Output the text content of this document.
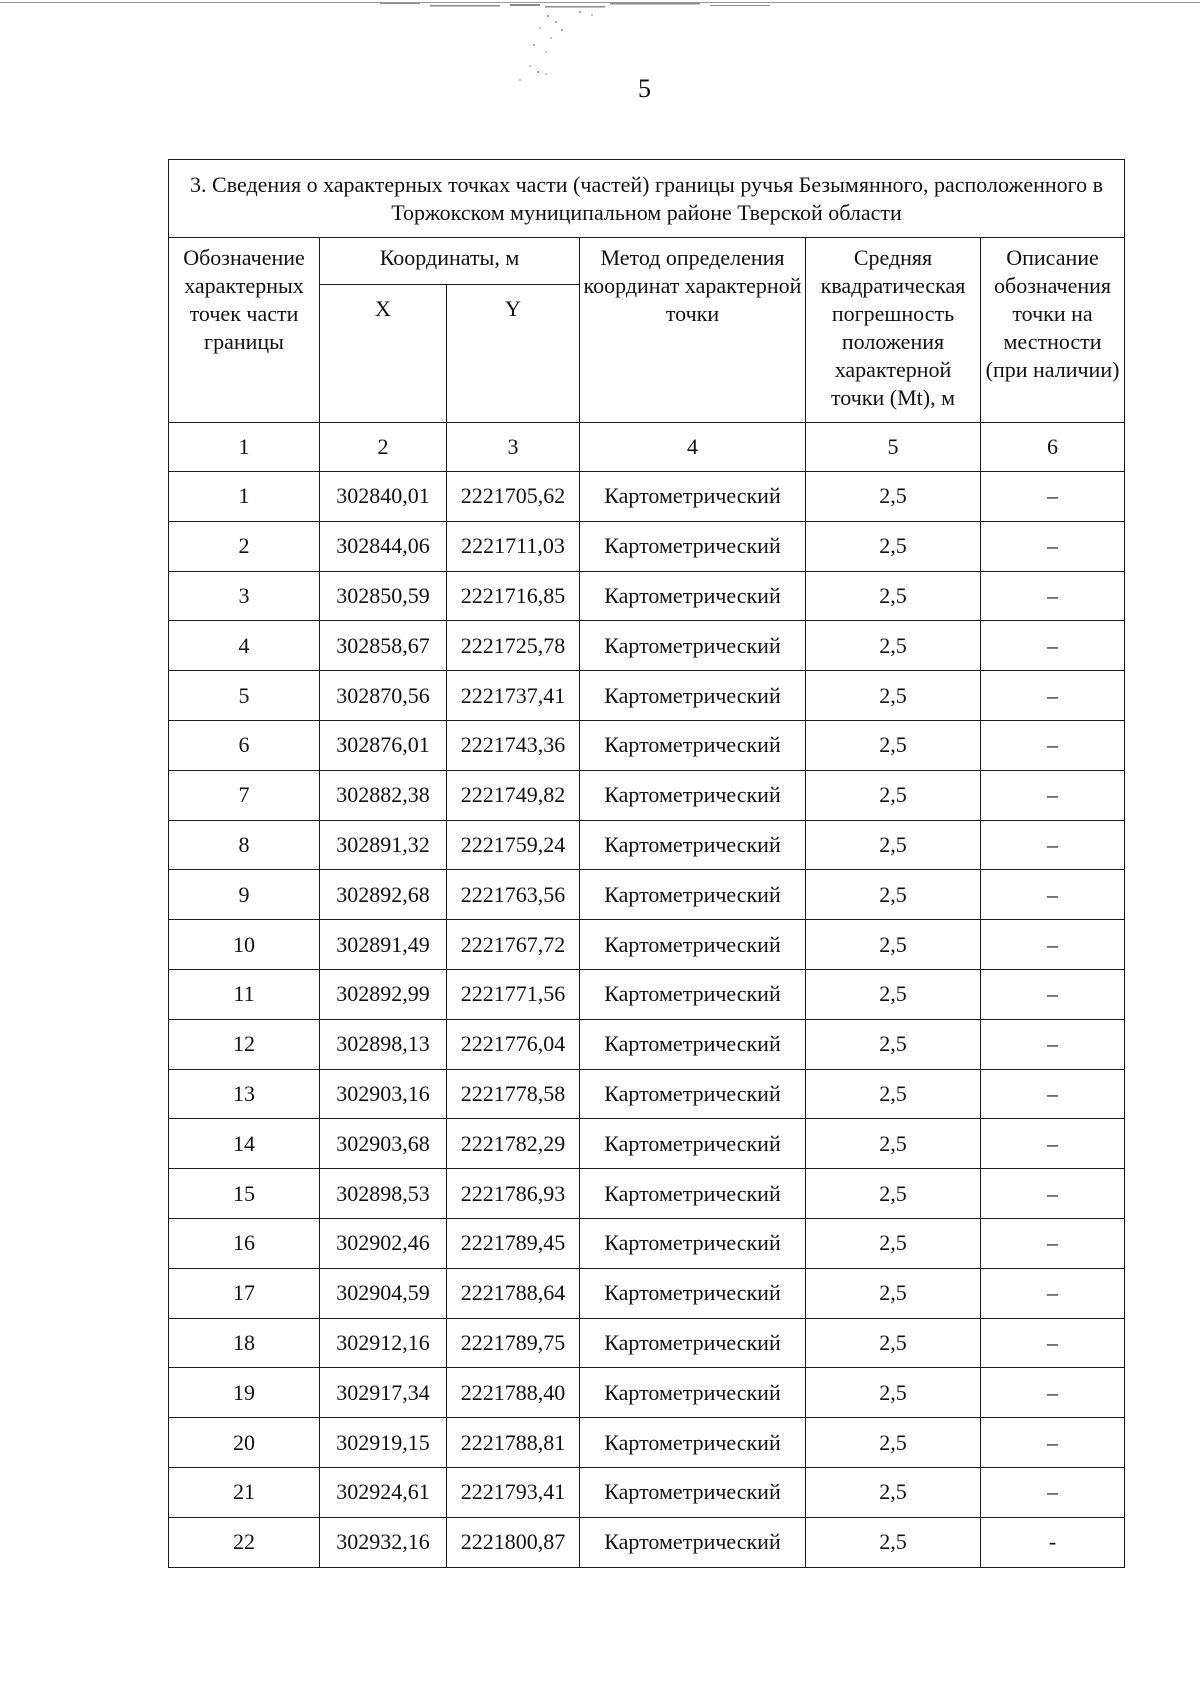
5
3. Сведения о характерных точках части (частей) границы ручья Безымянного, расположенного в Торжокском муниципальном районе Тверской области					
Обозначение характерных точек части границы	Координаты, м		Метод определения координат характерной точки	Средняя квадратическая погрешность положения характерной точки (Mt), м	Описание обозначения точки на местности (при наличии)
	X	Y			
1	2	3	4	5	6
1	302840,01	2221705,62	Картометрический	2,5	–
2	302844,06	2221711,03	Картометрический	2,5	–
3	302850,59	2221716,85	Картометрический	2,5	–
4	302858,67	2221725,78	Картометрический	2,5	–
5	302870,56	2221737,41	Картометрический	2,5	–
6	302876,01	2221743,36	Картометрический	2,5	–
7	302882,38	2221749,82	Картометрический	2,5	–
8	302891,32	2221759,24	Картометрический	2,5	–
9	302892,68	2221763,56	Картометрический	2,5	–
10	302891,49	2221767,72	Картометрический	2,5	–
11	302892,99	2221771,56	Картометрический	2,5	–
12	302898,13	2221776,04	Картометрический	2,5	–
13	302903,16	2221778,58	Картометрический	2,5	–
14	302903,68	2221782,29	Картометрический	2,5	–
15	302898,53	2221786,93	Картометрический	2,5	–
16	302902,46	2221789,45	Картометрический	2,5	–
17	302904,59	2221788,64	Картометрический	2,5	–
18	302912,16	2221789,75	Картометрический	2,5	–
19	302917,34	2221788,40	Картометрический	2,5	–
20	302919,15	2221788,81	Картометрический	2,5	–
21	302924,61	2221793,41	Картометрический	2,5	–
22	302932,16	2221800,87	Картометрический	2,5	-
